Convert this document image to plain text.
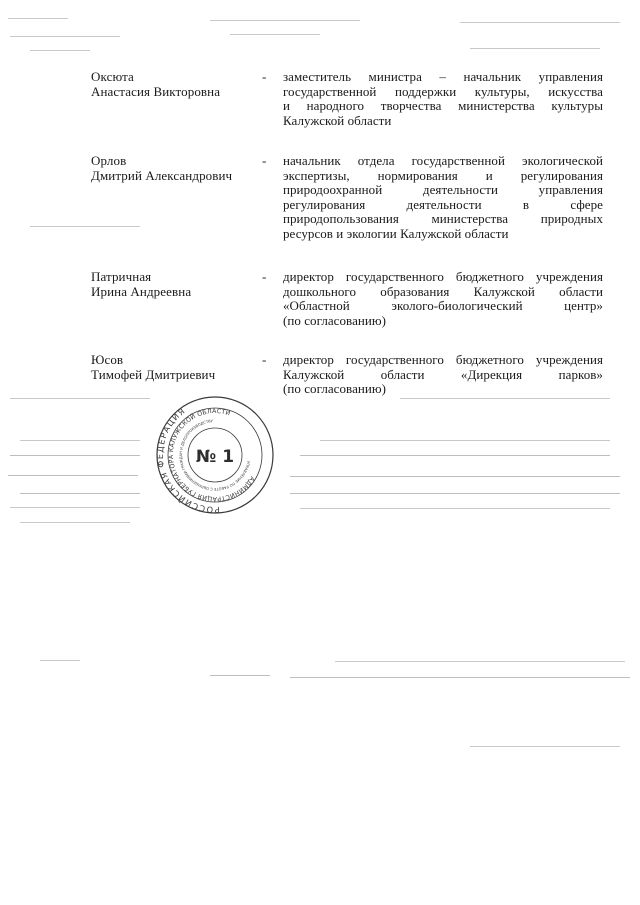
Оксюта
Анастасия Викторовна
- заместитель министра – начальник управления
государственной поддержки культуры, искусства
и народного творчества министерства культуры
Калужской области
Орлов
Дмитрий Александрович
- начальник отдела государственной экологической
экспертизы, нормирования и регулирования
природоохранной деятельности управления
регулирования деятельности в сфере
природопользования министерства природных
ресурсов и экологии Калужской области
Патричная
Ирина Андреевна
- директор государственного бюджетного учреждения
дошкольного образования Калужской области
«Областной эколого-биологический центр»
(по согласованию)
Юсов
Тимофей Дмитриевич
- директор государственного бюджетного учреждения
Калужской области «Дирекция парков»
(по согласованию)
РОССИЙСКАЯ ФЕДЕРАЦИЯ
АДМИНИСТРАЦИЯ ГУБЕРНАТОРА КАЛУЖСКОЙ ОБЛАСТИ
УПРАВЛЕНИЕ ПО РАБОТЕ С ОБРАЩЕНИЯМИ ГРАЖДАН И ДЕЛОПРОИЗВОДСТВУ
№ 1
